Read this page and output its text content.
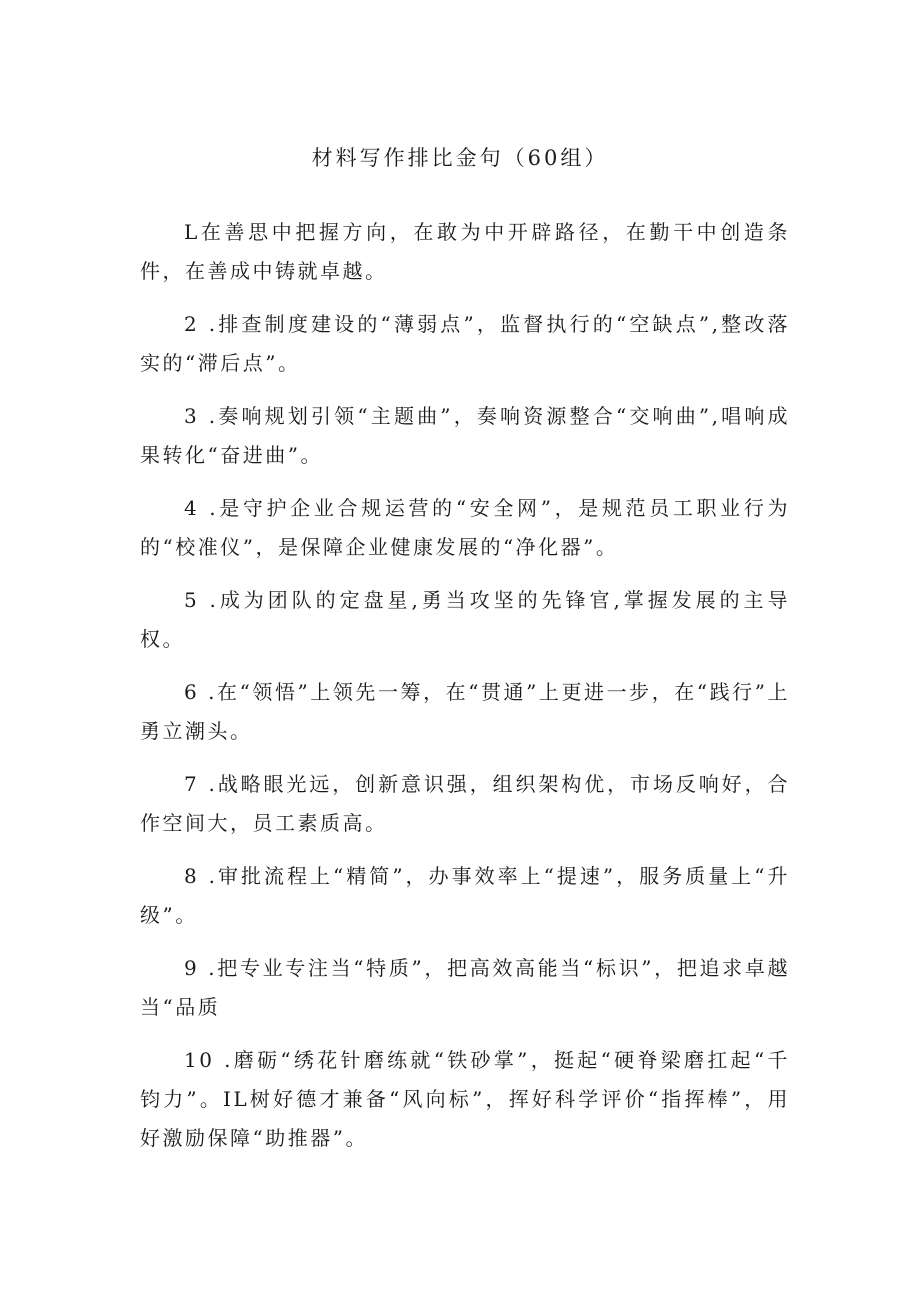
材料写作排比金句（60组）

L在善思中把握方向，在敢为中开辟路径，在勤干中创造条件，在善成中铸就卓越。

2 .排查制度建设的“薄弱点”，监督执行的“空缺点”,整改落实的“滞后点”。

3 .奏响规划引领“主题曲”，奏响资源整合“交响曲”,唱响成果转化“奋进曲”。

4 .是守护企业合规运营的“安全网”，是规范员工职业行为的“校准仪”，是保障企业健康发展的“净化器”。

5 .成为团队的定盘星,勇当攻坚的先锋官,掌握发展的主导权。

6 .在“领悟”上领先一筹，在“贯通”上更进一步，在“践行”上勇立潮头。

7 .战略眼光远，创新意识强，组织架构优，市场反响好，合作空间大，员工素质高。

8 .审批流程上“精简”，办事效率上“提速”，服务质量上“升级”。

9 .把专业专注当“特质”，把高效高能当“标识”，把追求卓越当“品质

10 .磨砺“绣花针磨练就“铁砂掌”，挺起“硬脊梁磨扛起“千钧力”。IL树好德才兼备“风向标”，挥好科学评价“指挥棒”，用好激励保障“助推器”。
